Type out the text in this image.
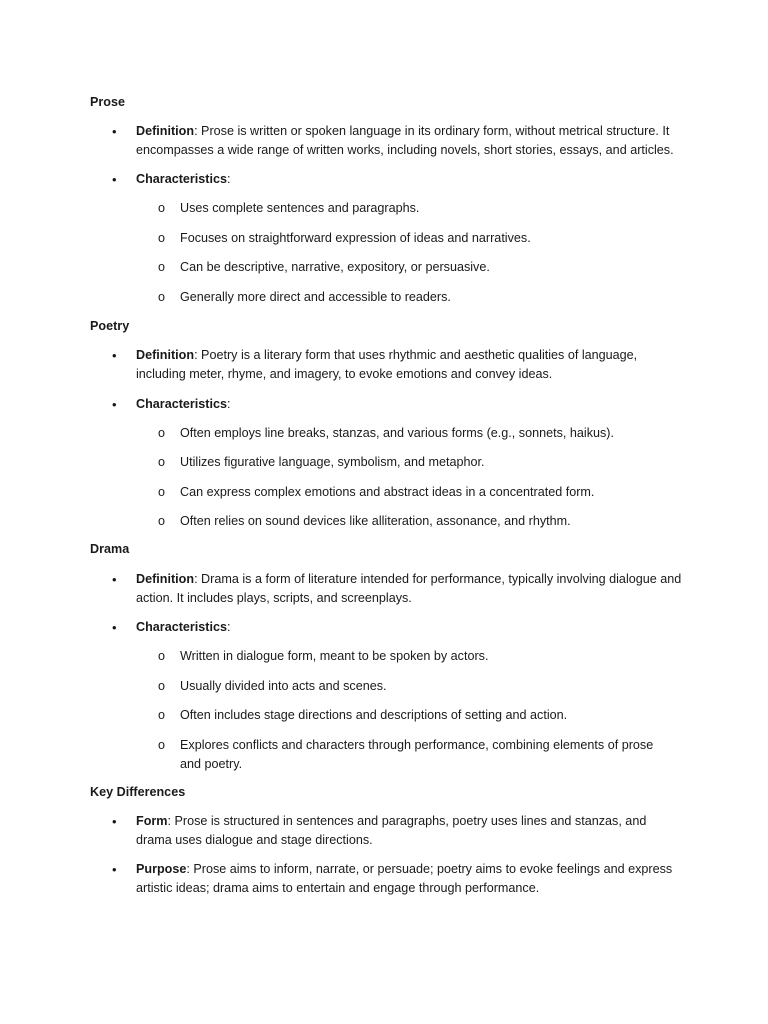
Prose
• Definition: Prose is written or spoken language in its ordinary form, without metrical structure. It encompasses a wide range of written works, including novels, short stories, essays, and articles.
• Characteristics:
o Uses complete sentences and paragraphs.
o Focuses on straightforward expression of ideas and narratives.
o Can be descriptive, narrative, expository, or persuasive.
o Generally more direct and accessible to readers.
Poetry
• Definition: Poetry is a literary form that uses rhythmic and aesthetic qualities of language, including meter, rhyme, and imagery, to evoke emotions and convey ideas.
• Characteristics:
o Often employs line breaks, stanzas, and various forms (e.g., sonnets, haikus).
o Utilizes figurative language, symbolism, and metaphor.
o Can express complex emotions and abstract ideas in a concentrated form.
o Often relies on sound devices like alliteration, assonance, and rhythm.
Drama
• Definition: Drama is a form of literature intended for performance, typically involving dialogue and action. It includes plays, scripts, and screenplays.
• Characteristics:
o Written in dialogue form, meant to be spoken by actors.
o Usually divided into acts and scenes.
o Often includes stage directions and descriptions of setting and action.
o Explores conflicts and characters through performance, combining elements of prose and poetry.
Key Differences
• Form: Prose is structured in sentences and paragraphs, poetry uses lines and stanzas, and drama uses dialogue and stage directions.
• Purpose: Prose aims to inform, narrate, or persuade; poetry aims to evoke feelings and express artistic ideas; drama aims to entertain and engage through performance.
